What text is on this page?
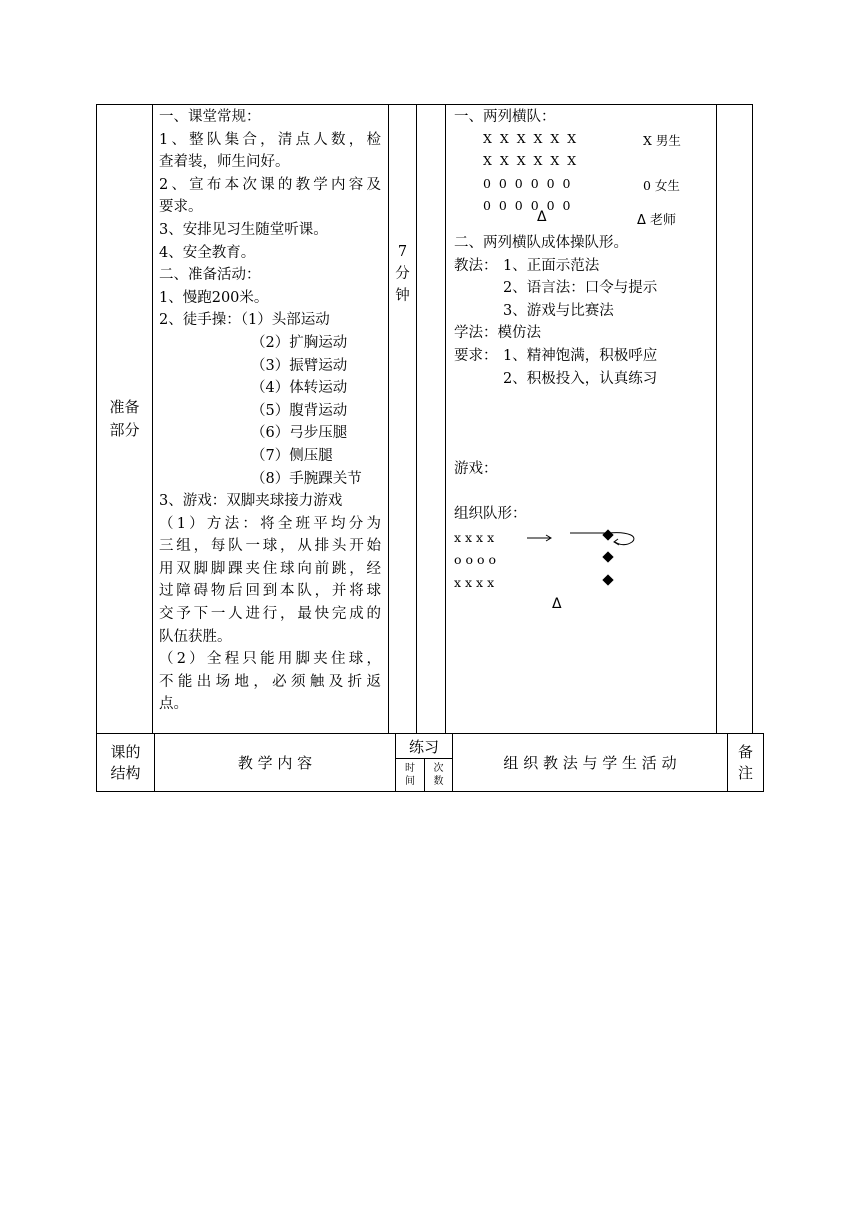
准备部分
一、课堂常规：
1、整队集合，清点人数，检
查着装，师生问好。
2、宣布本次课的教学内容及
要求。
3、安排见习生随堂听课。
4、安全教育。
二、准备活动：
1、慢跑200米。
2、徒手操：（1）头部运动
（2）扩胸运动
（3）振臂运动
（4）体转运动
（5）腹背运动
（6）弓步压腿
（7）侧压腿
（8）手腕踝关节
3、游戏：双脚夹球接力游戏
（1）方法：将全班平均分为
三组，每队一球，从排头开始
用双脚脚踝夹住球向前跳，经
过障碍物后回到本队，并将球
交予下一人进行，最快完成的
队伍获胜。
（2）全程只能用脚夹住球，
不能出场地，必须触及折返
点。
7
分
钟
一、两列横队：
X  X  X  X  X  X
X  X  X  X  X  X
0  0  0  0  0  0
0  0  0  0  0  0
X 男生
0 女生
Δ	Δ 老师
二、两列横队成体操队形。
教法： 1、正面示范法
2、语言法：口令与提示
3、游戏与比赛法
学法：模仿法
要求： 1、精神饱满，积极呼应
2、积极投入，认真练习
游戏：
组织队形：
x x x x
o o o o
x x x x
Δ
课的
结构
教 学 内 容
练习
时
间
次
数
组 织 教 法 与 学 生 活 动
备
注
